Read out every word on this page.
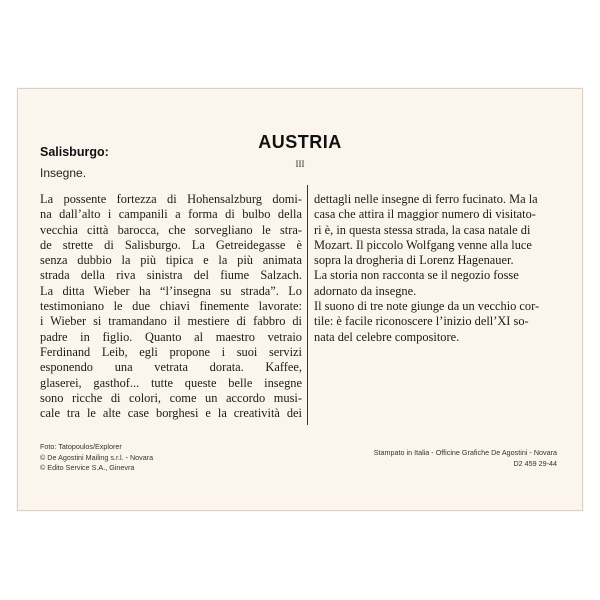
AUSTRIA
III
Salisburgo:
Insegne.
La possente fortezza di Hohensalzburg domi-
na dall’alto i campanili a forma di bulbo della
vecchia città barocca, che sorvegliano le stra-
de strette di Salisburgo. La Getreidegasse è
senza dubbio la più tipica e la più animata
strada della riva sinistra del fiume Salzach.
La ditta Wieber ha “l’insegna su strada”. Lo
testimoniano le due chiavi finemente lavorate:
i Wieber si tramandano il mestiere di fabbro di
padre in figlio. Quanto al maestro vetraio
Ferdinand Leib, egli propone i suoi servizi
esponendo una vetrata dorata. Kaffee,
glaserei, gasthof... tutte queste belle insegne
sono ricche di colori, come un accordo musi-
cale tra le alte case borghesi e la creatività dei
dettagli nelle insegne di ferro fucinato. Ma la
casa che attira il maggior numero di visitato-
ri è, in questa stessa strada, la casa natale di
Mozart. Il piccolo Wolfgang venne alla luce
sopra la drogheria di Lorenz Hagenauer.
La storia non racconta se il negozio fosse
adornato da insegne.
Il suono di tre note giunge da un vecchio cor-
tile: è facile riconoscere l’inizio dell’XI so-
nata del celebre compositore.
Foto: Tatopoulos/Explorer
© De Agostini Mailing s.r.l. - Novara
© Edito Service S.A., Ginevra
Stampato in Italia - Officine Grafiche De Agostini - Novara
D2 459 29-44
